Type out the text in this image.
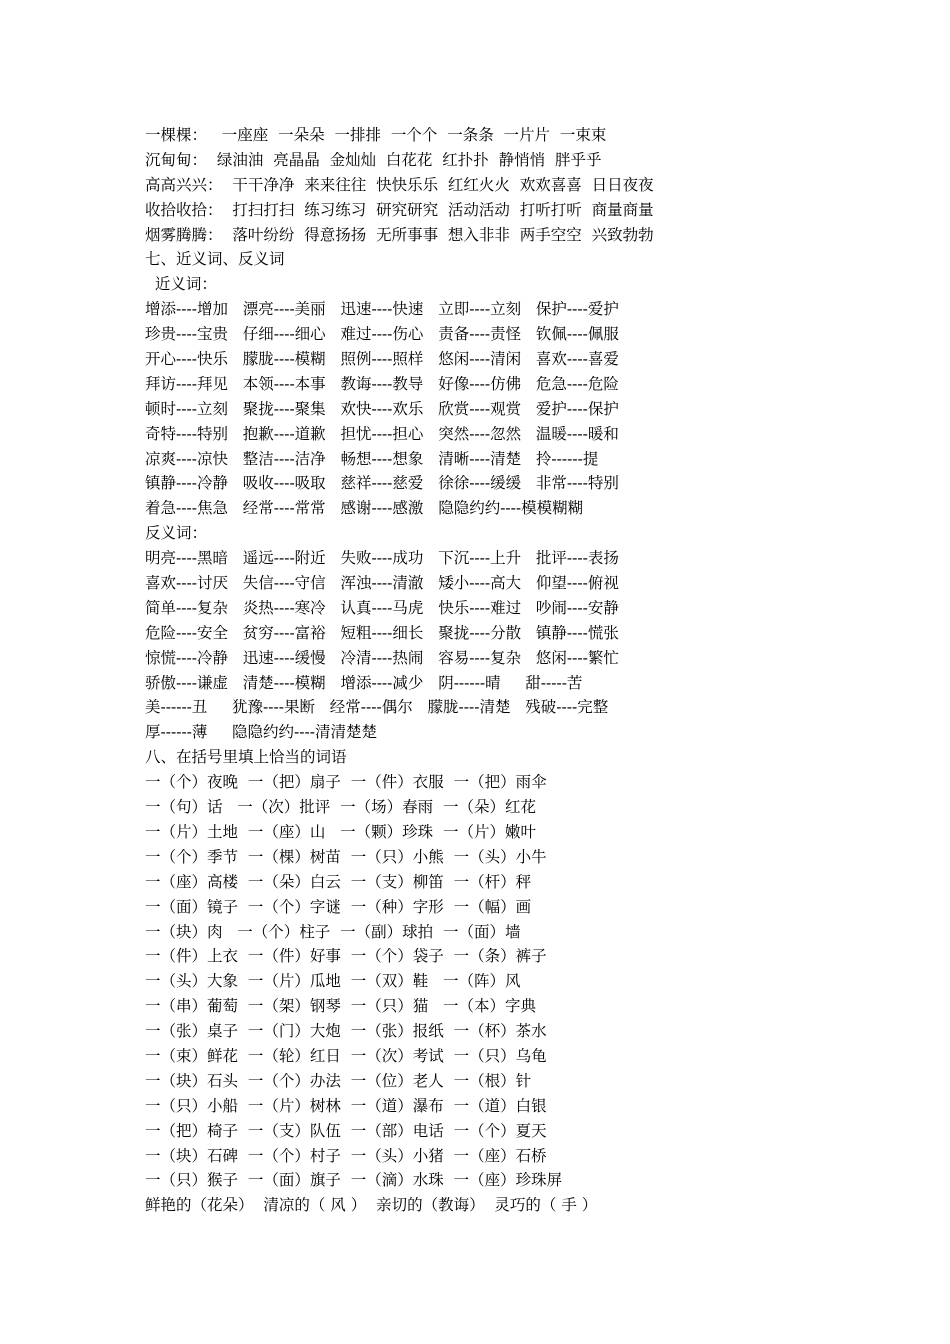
一棵棵：   一座座  一朵朵  一排排  一个个  一条条  一片片  一束束
沉甸甸：  绿油油  亮晶晶  金灿灿  白花花  红扑扑  静悄悄  胖乎乎
高高兴兴：  干干净净  来来往往  快快乐乐  红红火火  欢欢喜喜  日日夜夜
收拾收拾：  打扫打扫  练习练习  研究研究  活动活动  打听打听  商量商量
烟雾腾腾：  落叶纷纷  得意扬扬  无所事事  想入非非  两手空空  兴致勃勃
七、近义词、反义词
近义词：
增添----增加   漂亮----美丽   迅速----快速   立即----立刻   保护----爱护
珍贵----宝贵   仔细----细心   难过----伤心   责备----责怪   钦佩----佩服
开心----快乐   朦胧----模糊   照例----照样   悠闲----清闲   喜欢----喜爱
拜访----拜见   本领----本事   教诲----教导   好像----仿佛   危急----危险
顿时----立刻   聚拢----聚集   欢快----欢乐   欣赏----观赏   爱护----保护
奇特----特别   抱歉----道歉   担忧----担心   突然----忽然   温暖----暖和
凉爽----凉快   整洁----洁净   畅想----想象   清晰----清楚   拎------提
镇静----冷静   吸收----吸取   慈祥----慈爱   徐徐----缓缓   非常----特别
着急----焦急   经常----常常   感谢----感激   隐隐约约----模模糊糊
反义词：
明亮----黑暗   遥远----附近   失败----成功   下沉----上升   批评----表扬
喜欢----讨厌   失信----守信   浑浊----清澈   矮小----高大   仰望----俯视
简单----复杂   炎热----寒冷   认真----马虎   快乐----难过   吵闹----安静
危险----安全   贫穷----富裕   短粗----细长   聚拢----分散   镇静----慌张
惊慌----冷静   迅速----缓慢   冷清----热闹   容易----复杂   悠闲----繁忙
骄傲----谦虚   清楚----模糊   增添----减少   阴------晴     甜-----苦
美------丑     犹豫----果断   经常----偶尔   朦胧----清楚   残破----完整
厚------薄     隐隐约约----清清楚楚
八、在括号里填上恰当的词语
一（个）夜晚  一（把）扇子  一（件）衣服  一（把）雨伞
一（句）话   一（次）批评  一（场）春雨  一（朵）红花
一（片）土地  一（座）山   一（颗）珍珠  一（片）嫩叶
一（个）季节  一（棵）树苗  一（只）小熊  一（头）小牛
一（座）高楼  一（朵）白云  一（支）柳笛  一（杆）秤
一（面）镜子  一（个）字谜  一（种）字形  一（幅）画
一（块）肉   一（个）柱子  一（副）球拍  一（面）墙
一（件）上衣  一（件）好事  一（个）袋子  一（条）裤子
一（头）大象  一（片）瓜地  一（双）鞋   一（阵）风
一（串）葡萄  一（架）钢琴  一（只）猫   一（本）字典
一（张）桌子  一（门）大炮  一（张）报纸  一（杯）茶水
一（束）鲜花  一（轮）红日  一（次）考试  一（只）乌龟
一（块）石头  一（个）办法  一（位）老人  一（根）针
一（只）小船  一（片）树林  一（道）瀑布  一（道）白银
一（把）椅子  一（支）队伍  一（部）电话  一（个）夏天
一（块）石碑  一（个）村子  一（头）小猪  一（座）石桥
一（只）猴子  一（面）旗子  一（滴）水珠  一（座）珍珠屏
鲜艳的（花朵）  清凉的（ 风 ）  亲切的（教诲）  灵巧的（ 手 ）
